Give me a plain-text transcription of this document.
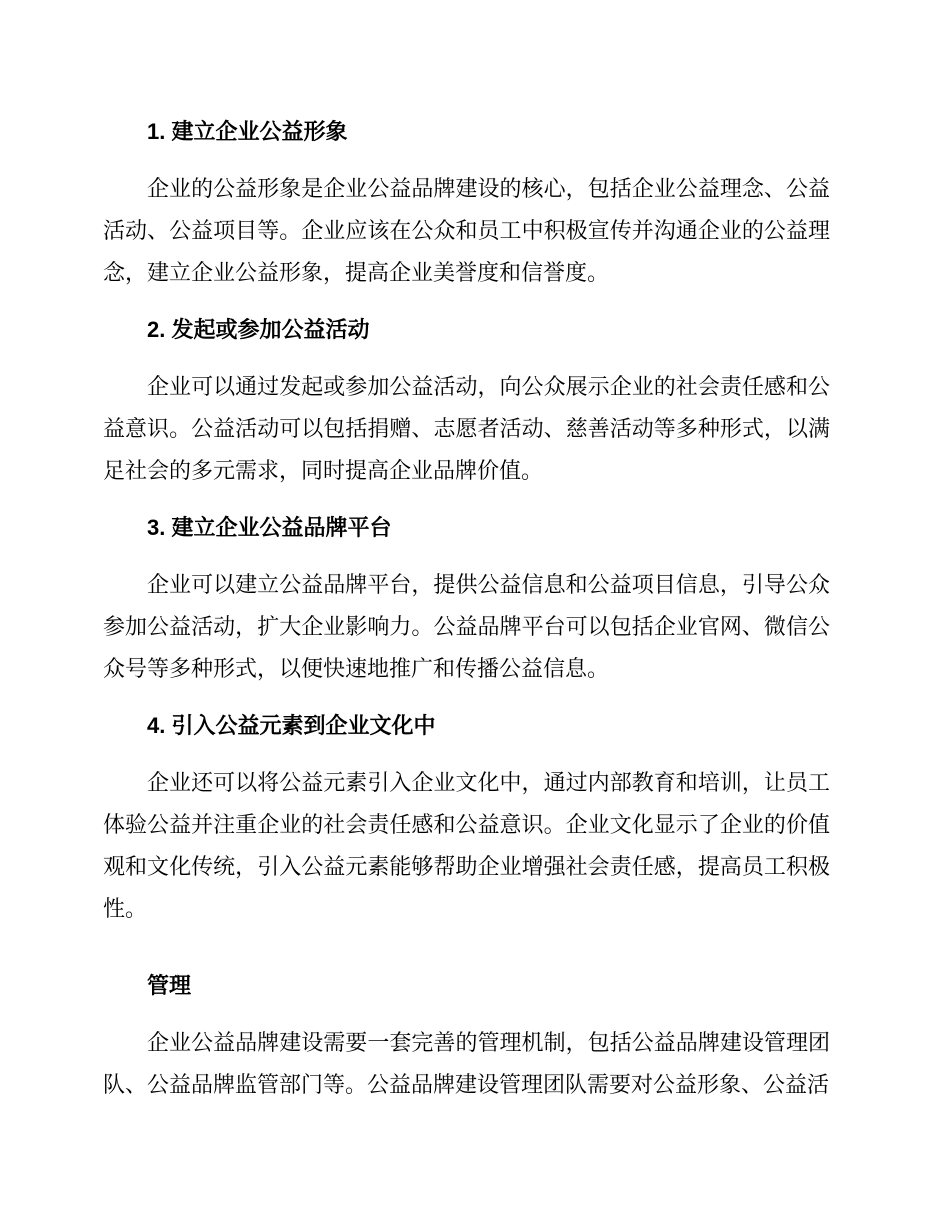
1. 建立企业公益形象

企业的公益形象是企业公益品牌建设的核心，包括企业公益理念、公益活动、公益项目等。企业应该在公众和员工中积极宣传并沟通企业的公益理念，建立企业公益形象，提高企业美誉度和信誉度。

2. 发起或参加公益活动

企业可以通过发起或参加公益活动，向公众展示企业的社会责任感和公益意识。公益活动可以包括捐赠、志愿者活动、慈善活动等多种形式，以满足社会的多元需求，同时提高企业品牌价值。

3. 建立企业公益品牌平台

企业可以建立公益品牌平台，提供公益信息和公益项目信息，引导公众参加公益活动，扩大企业影响力。公益品牌平台可以包括企业官网、微信公众号等多种形式，以便快速地推广和传播公益信息。

4. 引入公益元素到企业文化中

企业还可以将公益元素引入企业文化中，通过内部教育和培训，让员工体验公益并注重企业的社会责任感和公益意识。企业文化显示了企业的价值观和文化传统，引入公益元素能够帮助企业增强社会责任感，提高员工积极性。

管理

企业公益品牌建设需要一套完善的管理机制，包括公益品牌建设管理团队、公益品牌监管部门等。公益品牌建设管理团队需要对公益形象、公益活
